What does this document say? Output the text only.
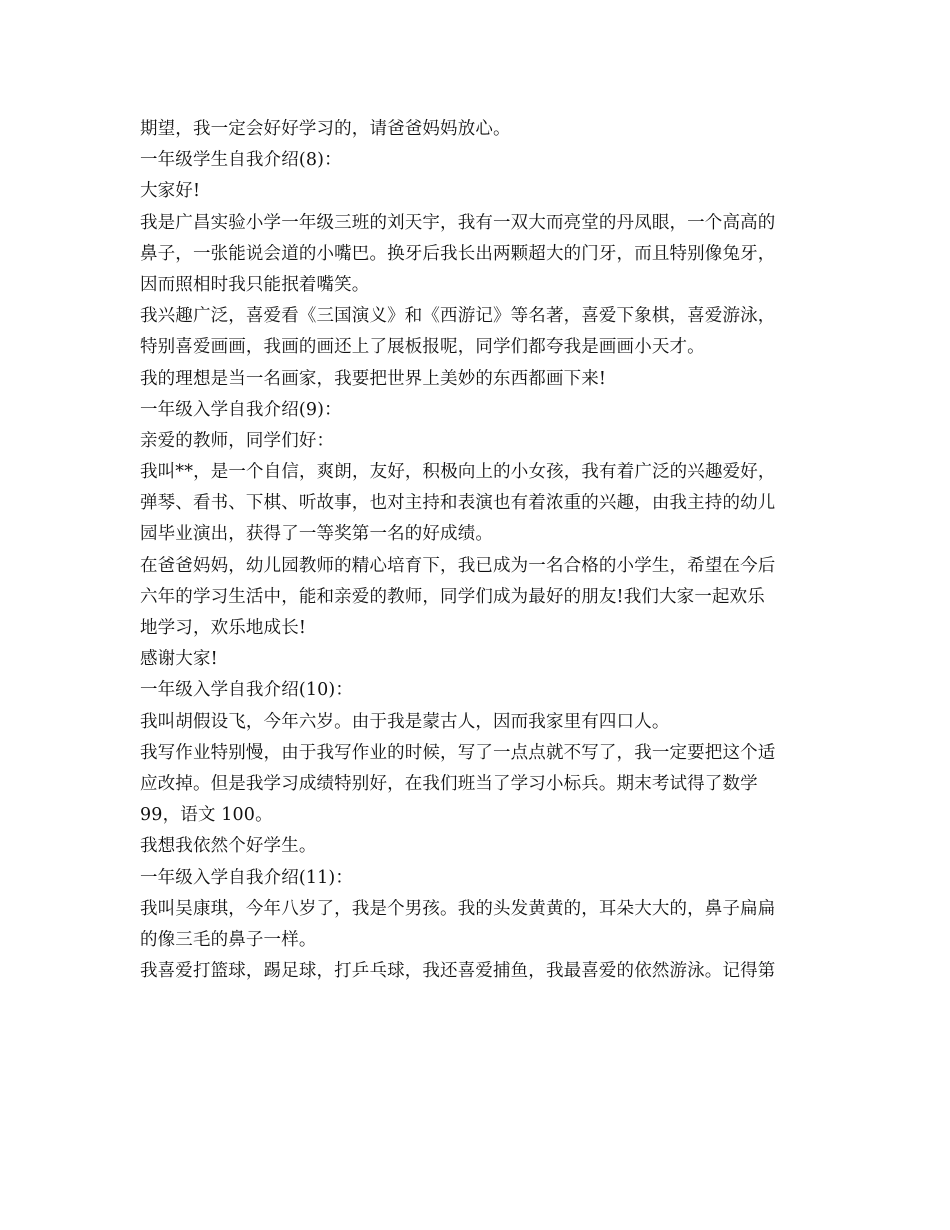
期望，我一定会好好学习的，请爸爸妈妈放心。
一年级学生自我介绍(8)：
大家好!
我是广昌实验小学一年级三班的刘天宇，我有一双大而亮堂的丹凤眼，一个高高的
鼻子，一张能说会道的小嘴巴。换牙后我长出两颗超大的门牙，而且特别像兔牙，
因而照相时我只能抿着嘴笑。
我兴趣广泛，喜爱看《三国演义》和《西游记》等名著，喜爱下象棋，喜爱游泳，
特别喜爱画画，我画的画还上了展板报呢，同学们都夸我是画画小天才。
我的理想是当一名画家，我要把世界上美妙的东西都画下来!
一年级入学自我介绍(9)：
亲爱的教师，同学们好：
我叫**，是一个自信，爽朗，友好，积极向上的小女孩，我有着广泛的兴趣爱好，
弹琴、看书、下棋、听故事，也对主持和表演也有着浓重的兴趣，由我主持的幼儿
园毕业演出，获得了一等奖第一名的好成绩。
在爸爸妈妈，幼儿园教师的精心培育下，我已成为一名合格的小学生，希望在今后
六年的学习生活中，能和亲爱的教师，同学们成为最好的朋友!我们大家一起欢乐
地学习，欢乐地成长!
感谢大家!
一年级入学自我介绍(10)：
我叫胡假设飞，今年六岁。由于我是蒙古人，因而我家里有四口人。
我写作业特别慢，由于我写作业的时候，写了一点点就不写了，我一定要把这个适
应改掉。但是我学习成绩特别好，在我们班当了学习小标兵。期末考试得了数学
99，语文 100。
我想我依然个好学生。
一年级入学自我介绍(11)：
我叫吴康琪，今年八岁了，我是个男孩。我的头发黄黄的，耳朵大大的，鼻子扁扁
的像三毛的鼻子一样。
我喜爱打篮球，踢足球，打乒乓球，我还喜爱捕鱼，我最喜爱的依然游泳。记得第
